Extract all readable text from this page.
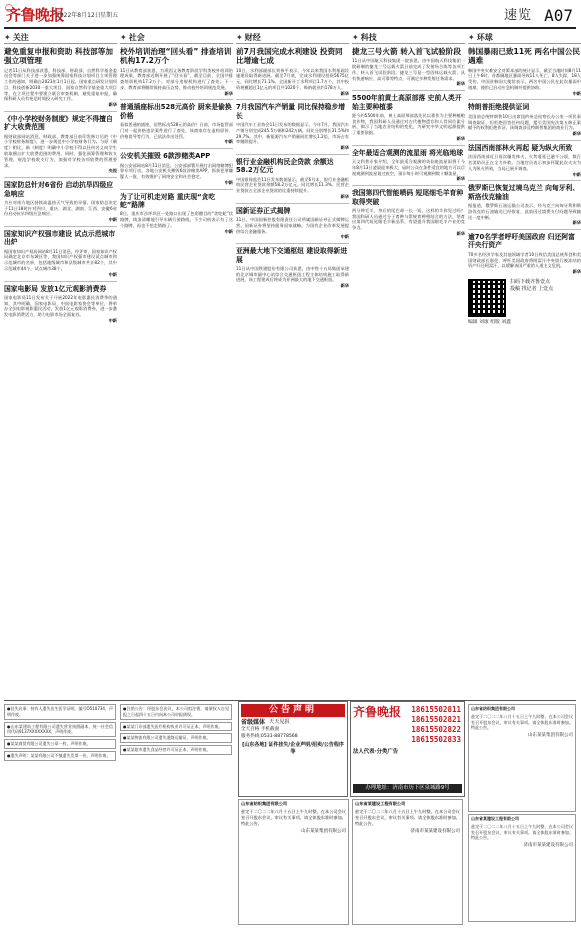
齐鲁晚报
2022年8月12日 星期五	速览 A07
✦ 关注
避免重复申报和资助 科技部等加强立项管理
记者11日从科技部获悉，科技部、财政部、自然科学基金委员会等部门关于进一步加强统筹国家科技计划项目立项管理工作的通知，明确自2023年1月1日起，国家重点研发计划项目、科技创新2030一重大项目、国家自然科学基金重大项目等，在立项过程中要建立联合审查机制，避免重复申报，确保科研人员有充足时间投入研究工作。
新华
《中小学校财务制度》规定不得擅自扩大收费范围
据财政部网站消息，财政部、教育部日前印发修订后的《中小学校财务制度》，进一步规范中小学校财务行为。与原《制度》相比，新《制度》明确中小学校不得以任何名义向学生收取擅自扩大收费范围的费用。同时，强化预算管理和收支管理，规范学校收支行为，加强对学校各项收费的管理要求。
央视
国家防总针对6省份 启动抗旱四级应急响应
为应对南方地区持续高温热天气导致的旱情，国家防总决定于11日18时针对四川、重庆、湖北、湖南、江西、安徽6省份启动抗旱四级应急响应。
中新
国家知识产权强市建设 试点示范城市出炉
据国家知识产权局网站8月11日消息，经评审，国家知识产权局确定北京市东城区等，我国知识产权强市建设试点城市和示范城市的名单，包括地级城市和县级城市共计82个，其中示范城市44个，试点城市38个。
中新
国家电影局 发放1亿元观影消费券
国家电影局11日发布关于开展2022年电影惠民消费季的通知，其中明确，国家电影局、中国电影家协会等单位，将举办全国电影观影惠民活动，发放1亿元观影消费券，进一步激发电影消费活力，助力电影市场全面复苏。
中新
✦ 社会
校外培训治理“回头看” 排查培训机构17.2万个
11日从教育部获悉，为巩固义务教育阶段学科类校外培训治理成果，教育部近期开展了“回头看”，截至目前，全国共排查培训机构17.2万个，对部分违规机构进行了查处。下一步，教育部将继续保持高压态势，推动校外培训规范发展。
新华
普通插座标出528元高价 厨来是偷换价格
看似普通的插座，居然标出528元的高价？日前，市场监管部门对一起价格违法案件进行了查处，该商家存在虚构原价、价格误导等行为，已依法作出处罚。
中新
公安机关摧毁 6款涉赌类APP
据公安部网站8月11日消息，公安部部署开展打击网络赌博犯罪专项行动，各地公安机关摧毁6款涉赌类APP，抓获犯罪嫌疑人一批，有效维护了网络安全和社会稳定。
中新
为了让可机走对路 重庆现“贪吃蛇”路牌
8日，重庆市沙坪坝区一处路口出现了色彩醒目的“贪吃蛇”状路牌，线条清晰地引导车辆行驶路线，不少司机表示有了这个路牌，再也不怕走错路了。
中新
✦ 财经
前7月我国完成水利建设 投资同比增逾七成
10日，水利部副部长刘伟平表示，今年以来我国水利基础设施建设取得新进展。截至7月底，完成水利建设投资5675亿元，同比增长71.1%。全国新开工水利项目1.7万个，其中投资规模超过1亿元的项目共1020个，吸纳就业约178万人。
新华
7月我国汽车产销量 同比保持稳步增长
中国汽车工业协会11日发布的数据显示，今年7月，我国汽车产销分别完成245.5万辆和242万辆，同比分别增长31.5%和29.7%。其中，新能源汽车产销量同比增长1.2倍，市场占有率继续提升。
新华
银行业金融机构民企贷款 余额达58.2万亿元
中国银保监会11日发布数据显示，截至6月末，银行业金融机构民营企业贷款余额58.2万亿元，同比增长11.3%。民营企业贷款占全部企业贷款的比重持续提升。
新华
国新证券正式揭牌
11日，中国国新控股有限责任公司所属国新证券正式揭牌运营。国新证券将坚持服务国家战略，为国有企业改革发展提供综合金融服务。
中新
亚洲最大地下交通枢纽 建设取得新进展
11日从中国铁建股份有限公司获悉，由中铁十五局集团承建的北京城市副中心站综合交通枢纽工程主体结构施工取得新进展，该工程建成后将成为亚洲最大的地下交通枢纽。
新华
✦ 科技
捷龙三号火箭 转入首飞试验阶段
11日从中国航天科技集团一院获悉，由中国航天科技集团一院研制的捷龙三号运载火箭日前完成了发射场合练等各项工作，转入首飞试验阶段。捷龙三号是一型固体运载火箭，具有快速响应、高可靠等特点，可满足多种发射任务需求。
新华
5500年前黄土高原部落 史前人类开始主要种植黍
距今约5500年前，黄土高原那部落先民以黍作为主要种植粮食作物，我国科研人员通过对古代植物遗存和人骨同位素分析，揭示了当地农业结构的变化，为研究中华文明起源提供了重要依据。
新华
全年最适合观测的流星雨 将光临地球
天文科普专家介绍，全年最适合观测的英仙座流星雨将于今年8月13日凌晨迎来极大，届时公众在条件适宜的地方可以目视观测到流星划过夜空，预计每小时可观测到数十颗流星。
新华
我国第四代智能喷码 短尾细毛羊育种取得突破
两分钟毛羊，身后的尾巴却一长一短，这样的羊你见过吗？我国科研人员通过分子育种与常规育种相结合的方法，培育出第四代短尾细毛羊新品系，有望提升我国细毛羊产业的竞争力。
新华
✦ 环球
韩国暴雨已致11死 两名中国公民遇难
韩国中央灾难安全对策本部的统计显示，截至当地时间8月11日上午6时，首都圈地区暴雨导致11人死亡，8人失踪，18人受伤。中国驻韩国大使馆表示，两名中国公民在此次暴雨中遇难，使馆已启动应急机制并提供协助。
中新
特朗普拒绝提供证词
美国前总统特朗普10日出席纽约州总检察长办公室一项民事调查取证，但拒绝回答任何问题，援引美国宪法第五修正案赋予的权利拒绝作证，该调查涉及特朗普集团的商业行为。
新华
法国西南部林火再起 疑为纵火所致
法国西南部近日再次爆发林火，火势蔓延已逾千公顷，数百名消防员正在全力扑救。当地官员表示初步怀疑此次火灾为人为纵火所致，当局已展开调查。
中新
俄罗斯已恢复过境乌克兰 向匈牙利、斯洛伐克输油
据报道，俄罗斯石油运输公司表示，经乌克兰向匈牙利和斯洛伐克的石油输送已经恢复，此前因过境费支付问题导致输送一度中断。
新华
逾70名学者呼吁美国政府 归还阿富汗央行资产
70多名经济学家及其他领域学者10日致信美国总统拜登和美国财政部长耶伦，呼吁美国政府将阿富汗中央银行被冻结的资产归还阿富汗，以缓解该国严重的人道主义危机。
新华
扫码下载齐鲁壹点
投稿 找记者 上壹点
编辑 刘康 组版 刘鑫
●挂失启事：持有人遗失出生医学证明，编号O510734，声明作废。
●山东某建筑工程有限公司遗失营业执照副本，统一社会信用代码9137XXXXXXXX，声明作废。
●某某商贸有限公司遗失公章一枚，声明作废。
●遗失声明：某某有限公司不慎遗失发票一份，声明作废。
●注销公告：经股东会决议，本公司拟注销，请债权人自见报之日起四十五日内向本公司申报债权。
●某某门诊部遗失医疗机构执业许可证正本，声明作废。
●某某物流有限公司遗失道路运输证，声明作废。
●某某超市遗失食品经营许可证正本，声明作废。
公告声明
省级媒体 天天见报
全天百格 手机截面
服务热线:0531-88778568
[山东各地] 证件挂失/企业声明/招卖/公告程序等
齐鲁晚报	18615502811
18615502821
18615502822
18615502833
法人代表·分类广告
办理地址：济南市历下区泉城路9号
山东省纺织集团有限公司
兹定于二〇二二年八月十五日上午九时整，在本公司会议室召开股东会议，审议有关事项。请全体股东准时参加。特此公告。
山东某某集团有限公司
山东省某建设工程有限公司
兹定于二〇二二年八月十五日上午九时整，在本公司会议室召开股东会议，审议有关事项。请全体股东准时参加。特此公告。
济南市某某建设有限公司
山东省纺织集团有限公司
兹定于二〇二二年八月十五日上午九时整，在本公司会议室召开股东会议，审议有关事项。请全体股东准时参加。特此公告。
山东某某集团有限公司
山东省某建设工程有限公司
兹定于二〇二二年八月十五日上午九时整，在本公司会议室召开股东会议，审议有关事项。请全体股东准时参加。特此公告。
济南市某某建设有限公司
